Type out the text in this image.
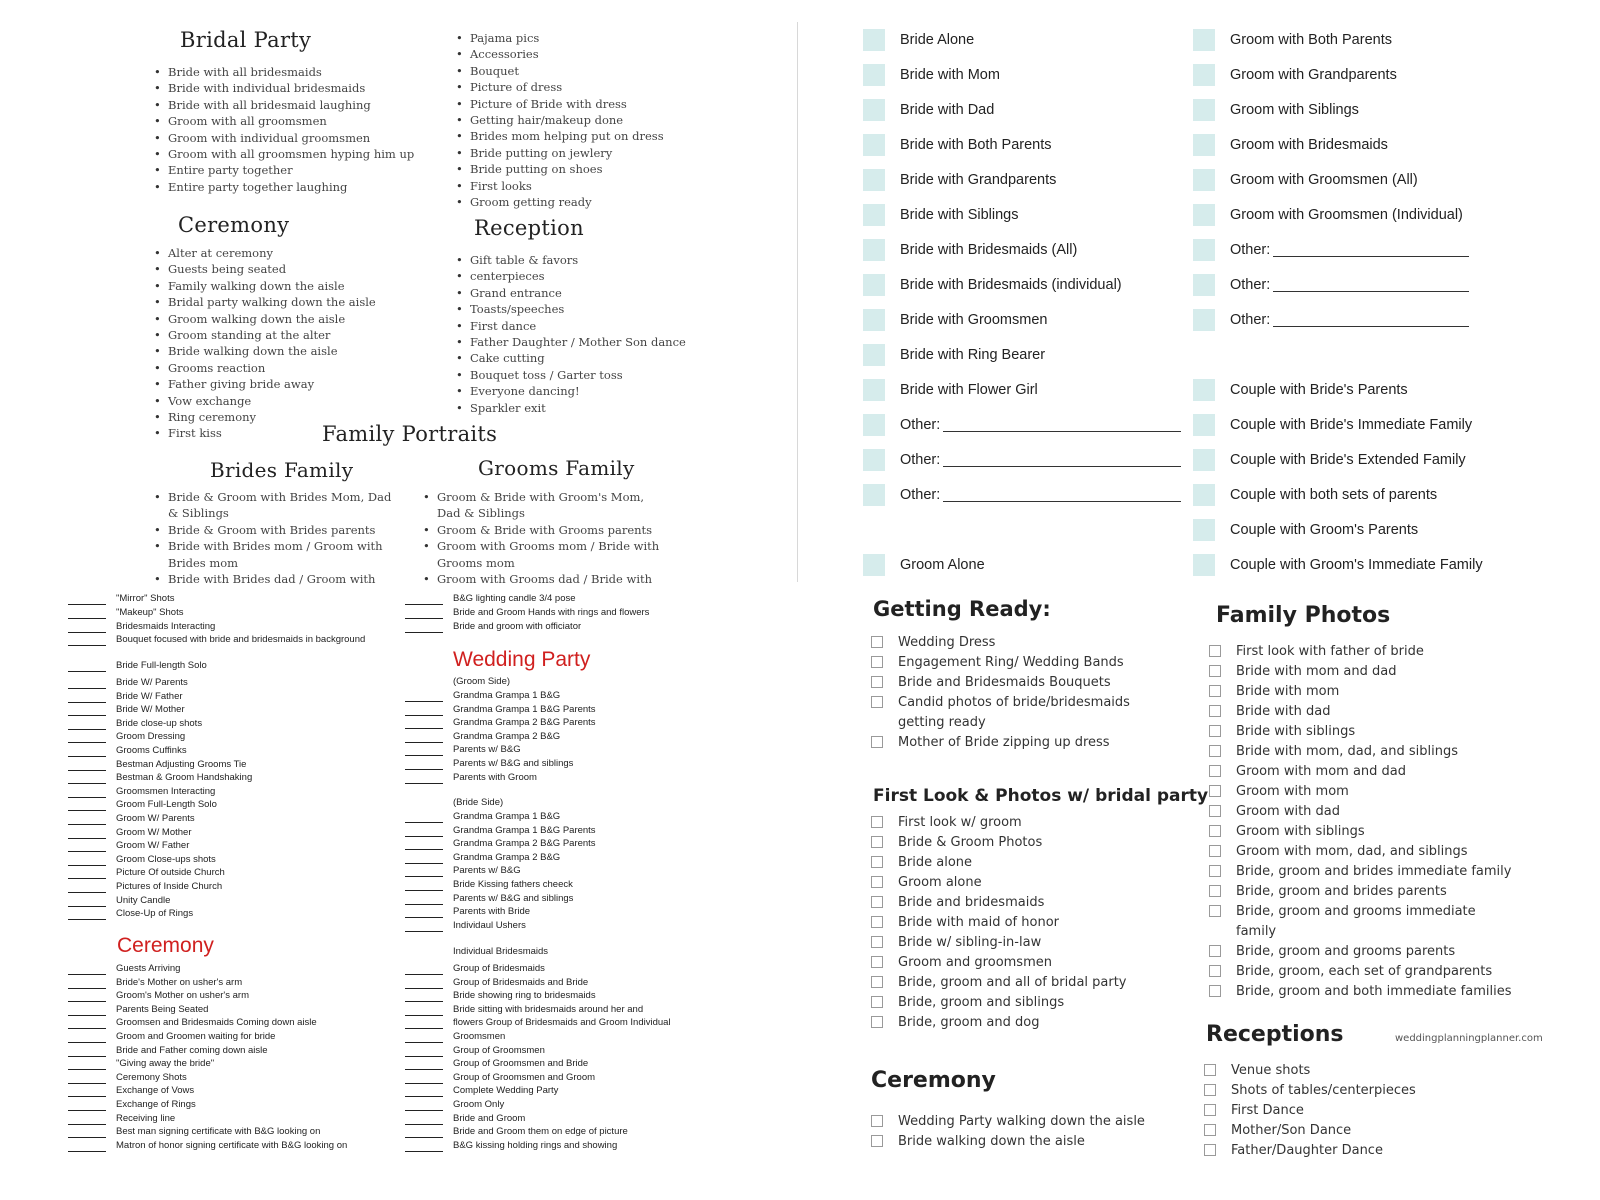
Bridal Party
• Bride with all bridesmaids
• Bride with individual bridesmaids
• Bride with all bridesmaid laughing
• Groom with all groomsmen
• Groom with individual groomsmen
• Groom with all groomsmen hyping him up
• Entire party together
• Entire party together laughing
• Pajama pics
• Accessories
• Bouquet
• Picture of dress
• Picture of Bride with dress
• Getting hair/makeup done
• Brides mom helping put on dress
• Bride putting on jewlery
• Bride putting on shoes
• First looks
• Groom getting ready
Ceremony
• Alter at ceremony
• Guests being seated
• Family walking down the aisle
• Bridal party walking down the aisle
• Groom walking down the aisle
• Groom standing at the alter
• Bride walking down the aisle
• Grooms reaction
• Father giving bride away
• Vow exchange
• Ring ceremony
• First kiss
Reception
• Gift table & favors
• centerpieces
• Grand entrance
• Toasts/speeches
• First dance
• Father Daughter / Mother Son dance
• Cake cutting
• Bouquet toss / Garter toss
• Everyone dancing!
• Sparkler exit
Family Portraits
Brides Family
• Bride & Groom with Brides Mom, Dad & Siblings
• Bride & Groom with Brides parents
• Bride with Brides mom / Groom with Brides mom
• Bride with Brides dad / Groom with
Grooms Family
• Groom & Bride with Groom's Mom, Dad & Siblings
• Groom & Bride with Grooms parents
• Groom with Grooms mom / Bride with Grooms mom
• Groom with Grooms dad / Bride with
Bride Alone
Bride with Mom
Bride with Dad
Bride with Both Parents
Bride with Grandparents
Bride with Siblings
Bride with Bridesmaids (All)
Bride with Bridesmaids (individual)
Bride with Groomsmen
Bride with Ring Bearer
Bride with Flower Girl
Other:
Other:
Other:
Groom Alone
Groom with Both Parents
Groom with Grandparents
Groom with Siblings
Groom with Bridesmaids
Groom with Groomsmen (All)
Groom with Groomsmen (Individual)
Other:
Other:
Other:
Couple with Bride's Parents
Couple with Bride's Immediate Family
Couple with Bride's Extended Family
Couple with both sets of parents
Couple with Groom's Parents
Couple with Groom's Immediate Family
"Mirror" Shots
"Makeup" Shots
Bridesmaids Interacting
Bouquet focused with bride and bridesmaids in background
Bride Full-length Solo
Bride W/ Parents
Bride W/ Father
Bride W/ Mother
Bride close-up shots
Groom Dressing
Grooms Cuffinks
Bestman Adjusting Grooms Tie
Bestman & Groom Handshaking
Groomsmen Interacting
Groom Full-Length Solo
Groom W/ Parents
Groom W/ Mother
Groom W/ Father
Groom Close-ups shots
Picture Of outside Church
Pictures of Inside Church
Unity Candle
Close-Up of Rings
Ceremony
Guests Arriving
Bride's Mother on usher's arm
Groom's Mother on usher's arm
Parents Being Seated
Groomsen and Bridesmaids Coming down aisle
Groom and Groomen waiting for bride
Bride and Father coming down aisle
"Giving away the bride"
Ceremony Shots
Exchange of Vows
Exchange of Rings
Receiving line
Best man signing certificate with B&G looking on
Matron of honor signing certificate with B&G looking on
B&G lighting candle 3/4 pose
Bride and Groom Hands with rings and flowers
Bride and groom with officiator
Wedding Party
(Groom Side)
Grandma Grampa 1 B&G
Grandma Grampa 1 B&G Parents
Grandma Grampa 2 B&G Parents
Grandma Grampa 2 B&G
Parents w/ B&G
Parents w/ B&G and siblings
Parents with Groom
(Bride Side)
Grandma Grampa 1 B&G
Grandma Grampa 1 B&G Parents
Grandma Grampa 2 B&G Parents
Grandma Grampa 2 B&G
Parents w/ B&G
Bride Kissing fathers cheeck
Parents w/ B&G and siblings
Parents with Bride
Individaul Ushers
Individual Bridesmaids
Group of Bridesmaids
Group of Bridesmaids and Bride
Bride showing ring to bridesmaids
Bride sitting with bridesmaids around her and
flowers Group of Bridesmaids and Groom Individual
Groomsmen
Group of Groomsmen
Group of Groomsmen and Bride
Group of Groomsmen and Groom
Complete Wedding Party
Groom Only
Bride and Groom
Bride and Groom them on edge of picture
B&G kissing holding rings and showing
Getting Ready:
First Look & Photos w/ bridal party
Ceremony
Family Photos
Receptions	weddingplanningplanner.com
Wedding Dress
Engagement Ring/ Wedding Bands
Bride and Bridesmaids Bouquets
Candid photos of bride/bridesmaids getting ready
Mother of Bride zipping up dress
First look w/ groom
Bride & Groom Photos
Bride alone
Groom alone
Bride and bridesmaids
Bride with maid of honor
Bride w/ sibling-in-law
Groom and groomsmen
Bride, groom and all of bridal party
Bride, groom and siblings
Bride, groom and dog
Wedding Party walking down the aisle
Bride walking down the aisle
First look with father of bride
Bride with mom and dad
Bride with mom
Bride with dad
Bride with siblings
Bride with mom, dad, and siblings
Groom with mom and dad
Groom with mom
Groom with dad
Groom with siblings
Groom with mom, dad, and siblings
Bride, groom and brides immediate family
Bride, groom and brides parents
Bride, groom and grooms immediate family
Bride, groom and grooms parents
Bride, groom, each set of grandparents
Bride, groom and both immediate families
Venue shots
Shots of tables/centerpieces
First Dance
Mother/Son Dance
Father/Daughter Dance
